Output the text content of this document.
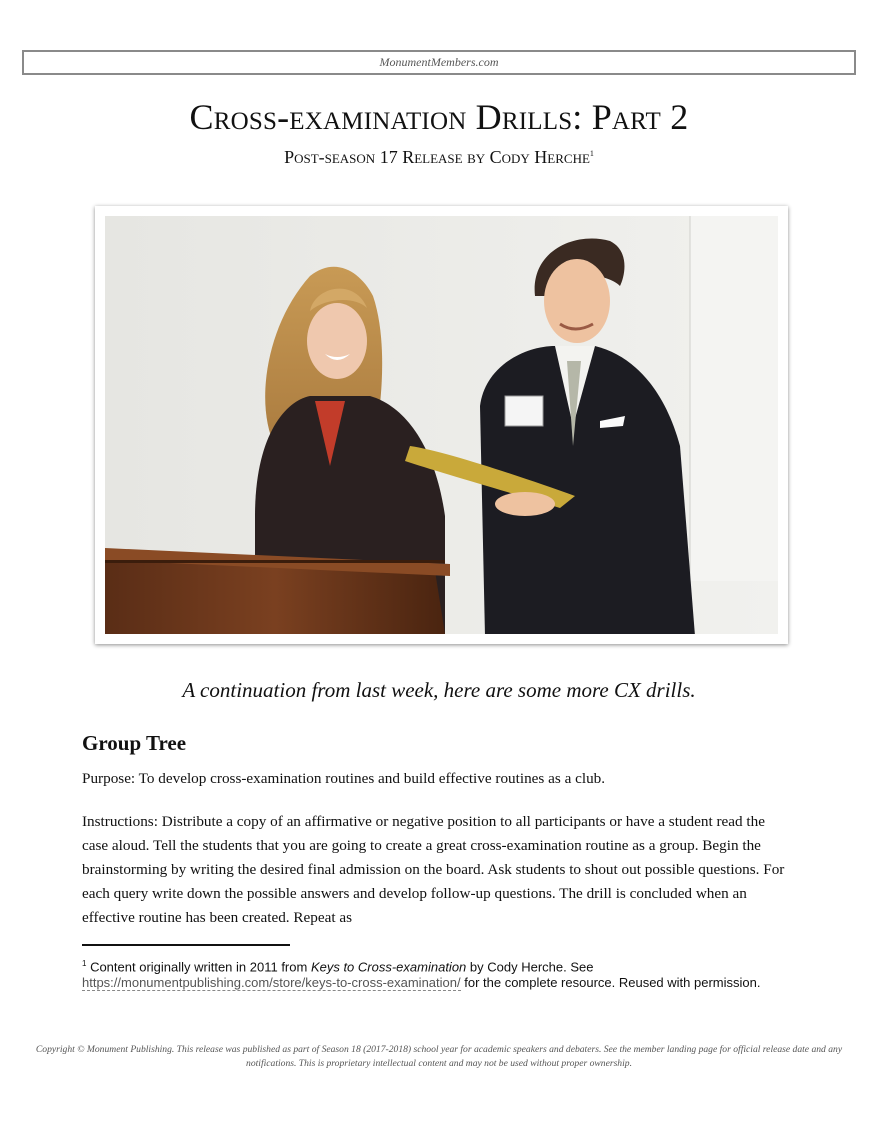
MonumentMembers.com
Cross-examination Drills: Part 2
Post-season 17 Release by Cody Herche$^1$
A continuation from last week, here are some more CX drills.
Group Tree
Purpose: To develop cross-examination routines and build effective routines as a club.
Instructions: Distribute a copy of an affirmative or negative position to all participants or have a student read the case aloud. Tell the students that you are going to create a great cross-examination routine as a group. Begin the brainstorming by writing the desired final admission on the board. Ask students to shout out possible questions. For each query write down the possible answers and develop follow-up questions. The drill is concluded when an effective routine has been created. Repeat as
$^1$ Content originally written in 2011 from Keys to Cross-examination by Cody Herche. See https://monumentpublishing.com/store/keys-to-cross-examination/ for the complete resource. Reused with permission.
Copyright © Monument Publishing. This release was published as part of Season 18 (2017-2018) school year for academic speakers and debaters. See the member landing page for official release date and any notifications. This is proprietary intellectual content and may not be used without proper ownership.
